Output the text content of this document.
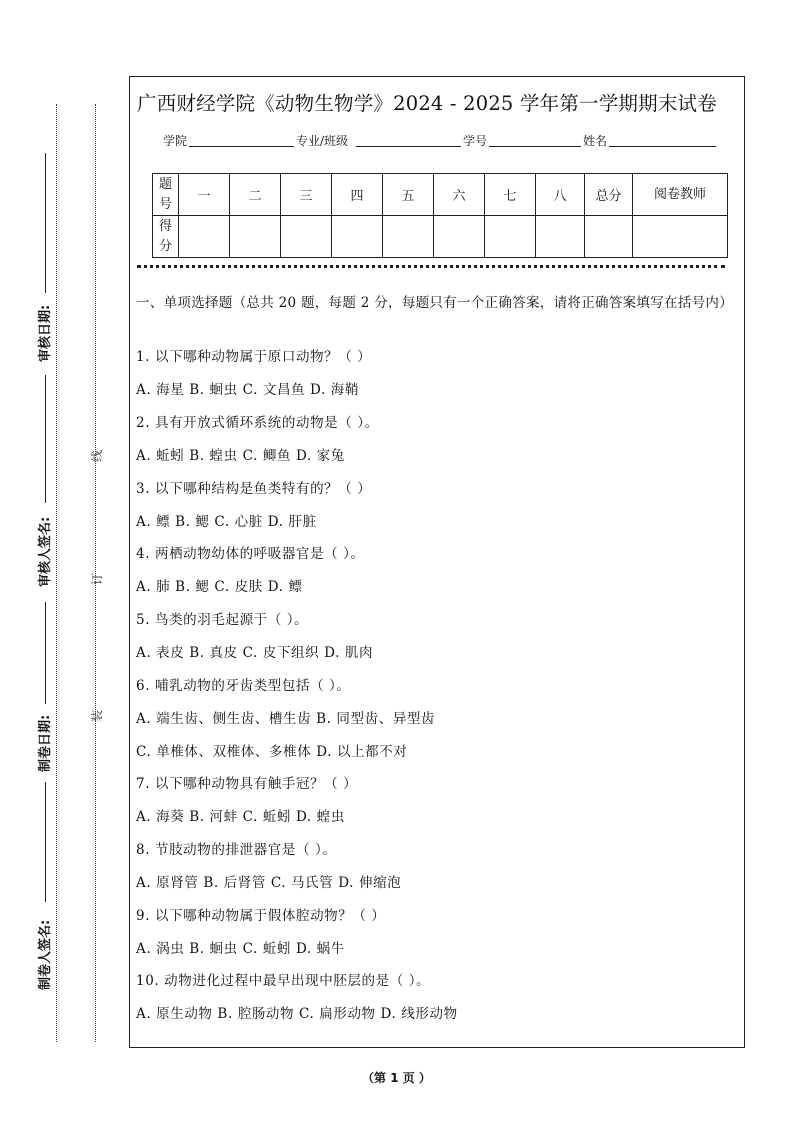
审核日期:
审核人签名:
制卷日期:
制卷人签名:
线
订
装
广西财经学院《动物生物学》2024 - 2025 学年第一学期期末试卷
学院	专业/班级	学号	姓名
题号	一	二	三	四	五	六	七	八	总分	阅卷教师
得分										
一、单项选择题（总共 20 题，每题 2 分，每题只有一个正确答案，请将正确答案填写在括号内）
1. 以下哪种动物属于原口动物？（ ）
A. 海星 B. 蛔虫 C. 文昌鱼 D. 海鞘
2. 具有开放式循环系统的动物是（ ）。
A. 蚯蚓 B. 蝗虫 C. 鲫鱼 D. 家兔
3. 以下哪种结构是鱼类特有的？（ ）
A. 鳔 B. 鳃 C. 心脏 D. 肝脏
4. 两栖动物幼体的呼吸器官是（ ）。
A. 肺 B. 鳃 C. 皮肤 D. 鳔
5. 鸟类的羽毛起源于（ ）。
A. 表皮 B. 真皮 C. 皮下组织 D. 肌肉
6. 哺乳动物的牙齿类型包括（ ）。
A. 端生齿、侧生齿、槽生齿 B. 同型齿、异型齿
C. 单椎体、双椎体、多椎体 D. 以上都不对
7. 以下哪种动物具有触手冠？（ ）
A. 海葵 B. 河蚌 C. 蚯蚓 D. 蝗虫
8. 节肢动物的排泄器官是（ ）。
A. 原肾管 B. 后肾管 C. 马氏管 D. 伸缩泡
9. 以下哪种动物属于假体腔动物？（ ）
A. 涡虫 B. 蛔虫 C. 蚯蚓 D. 蜗牛
10. 动物进化过程中最早出现中胚层的是（ ）。
A. 原生动物 B. 腔肠动物 C. 扁形动物 D. 线形动物
（第 1 页 ）
